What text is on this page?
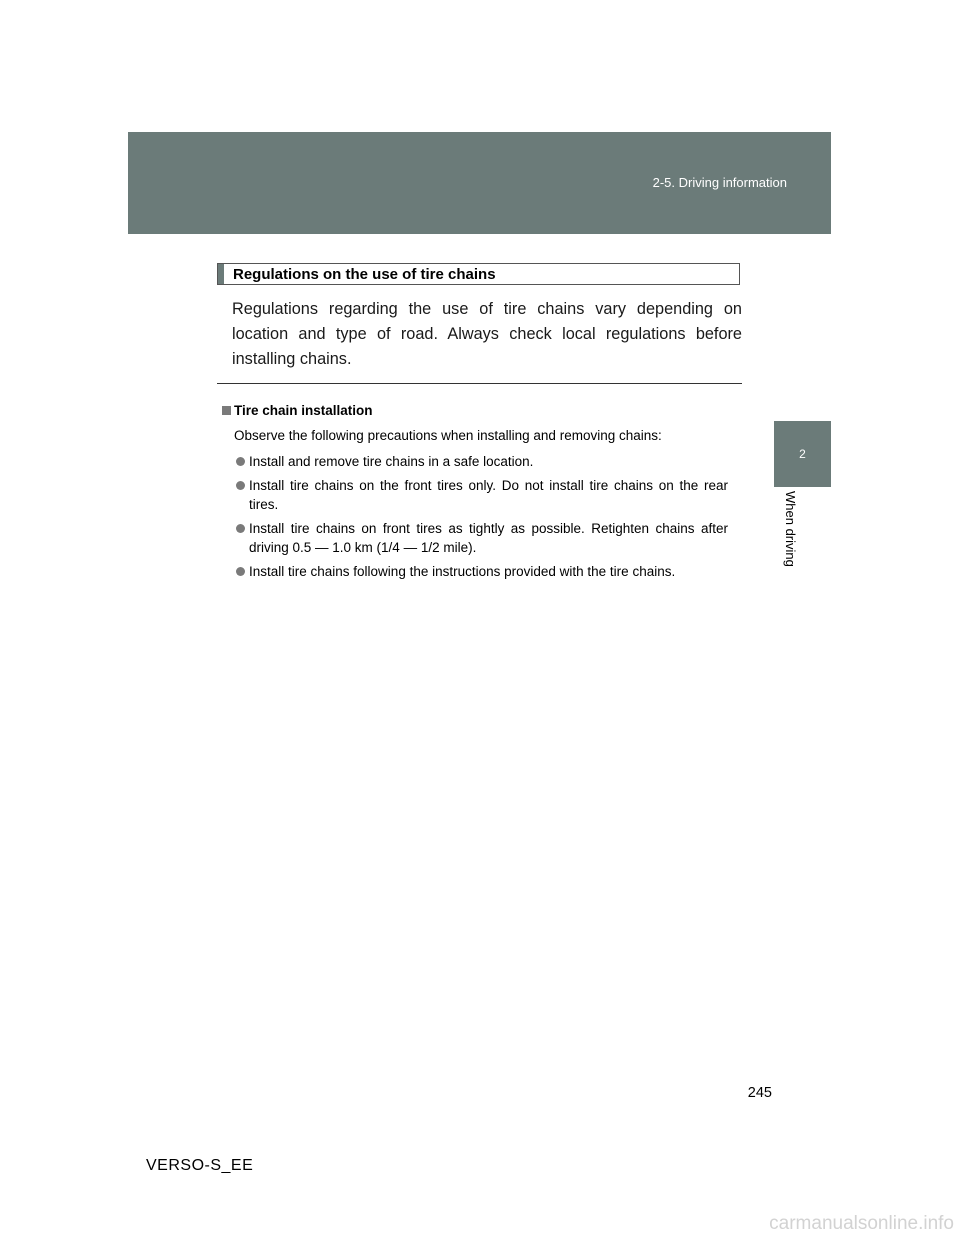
2-5. Driving information
2
When driving
Regulations on the use of tire chains
Regulations regarding the use of tire chains vary depending on location and type of road. Always check local regulations before installing chains.
Tire chain installation
Observe the following precautions when installing and removing chains:
Install and remove tire chains in a safe location.
Install tire chains on the front tires only. Do not install tire chains on the rear tires.
Install tire chains on front tires as tightly as possible. Retighten chains after driving 0.5 — 1.0 km (1/4 — 1/2 mile).
Install tire chains following the instructions provided with the tire chains.
245
VERSO-S_EE
carmanualsonline.info
